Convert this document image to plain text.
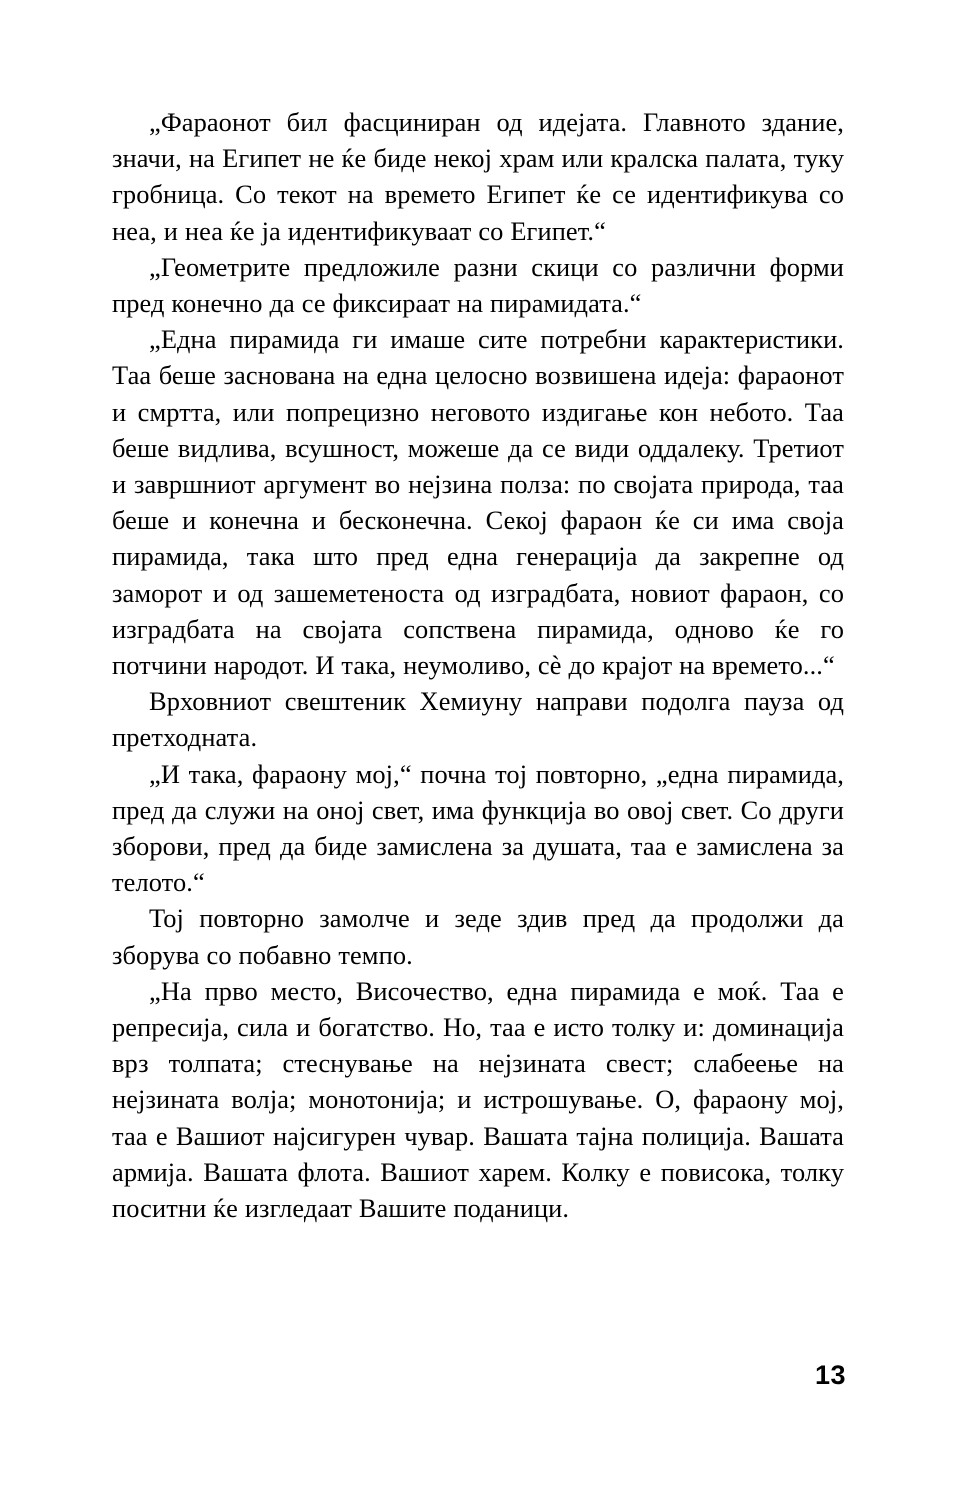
„Фараонот бил фасциниран од идејата. Главното здание, значи, на Египет не ќе биде некој храм или кралска палата, туку гробница. Со текот на времето Египет ќе се идентификува со неа, и неа ќе ја идентификуваат со Египет.“

„Геометрите предложиле разни скици со различни форми пред конечно да се фиксираат на пирамидата.“

„Една пирамида ги имаше сите потребни карактеристики. Таа беше заснована на една целосно возвишена идеја: фараонот и смртта, или попрецизно неговото издигање кон небото. Таа беше видлива, всушност, можеше да се види оддалеку. Третиот и завршниот аргумент во нејзина полза: по својата природа, таа беше и конечна и бесконечна. Секој фараон ќе си има своја пирамида, така што пред една генерација да закрепне од заморот и од зашеметеноста од изградбата, новиот фараон, со изградбата на својата сопствена пирамида, одново ќе го потчини народот. И така, неумоливо, сѐ до крајот на времето...“

Врховниот свештеник Хемиуну направи подолга пауза од претходната.

„И така, фараону мој,“ почна тој повторно, „една пирамида, пред да служи на оној свет, има функција во овој свет. Со други зборови, пред да биде замислена за душата, таа е замислена за телото.“

Тој повторно замолче и зеде здив пред да продолжи да зборува со побавно темпо.

„На прво место, Височество, една пирамида е моќ. Таа е репресија, сила и богатство. Но, таа е исто толку и: доминација врз толпата; стеснување на нејзината свест; слабеење на нејзината волја; монотонија; и истрошување. О, фараону мој, таа е Вашиот најсигурен чувар. Вашата тајна полиција. Вашата армија. Вашата флота. Вашиот харем. Колку е повисока, толку поситни ќе изгледаат Вашите поданици.

13
